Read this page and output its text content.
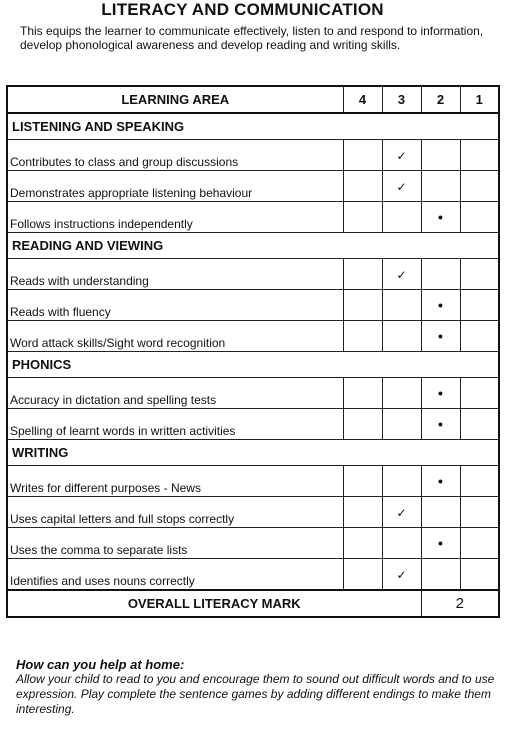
LITERACY AND COMMUNICATION
This equips the learner to communicate effectively, listen to and respond to information, develop phonological awareness and develop reading and writing skills.
LEARNING AREA	4	3	2	1
LISTENING AND SPEAKING				
Contributes to class and group discussions		✓		
Demonstrates appropriate listening behaviour		✓		
Follows instructions independently			•	
READING AND VIEWING				
Reads with understanding		✓		
Reads with fluency			•	
Word attack skills/Sight word recognition			•	
PHONICS				
Accuracy in dictation and spelling tests			•	
Spelling of learnt words in written activities			•	
WRITING				
Writes for different purposes - News			•	
Uses capital letters and full stops correctly		✓		
Uses the comma to separate lists			•	
Identifies and uses nouns correctly		✓		
OVERALL LITERACY MARK			2	
How can you help at home:
Allow your child to read to you and encourage them to sound out difficult words and to use expression. Play complete the sentence games by adding different endings to make them interesting.
